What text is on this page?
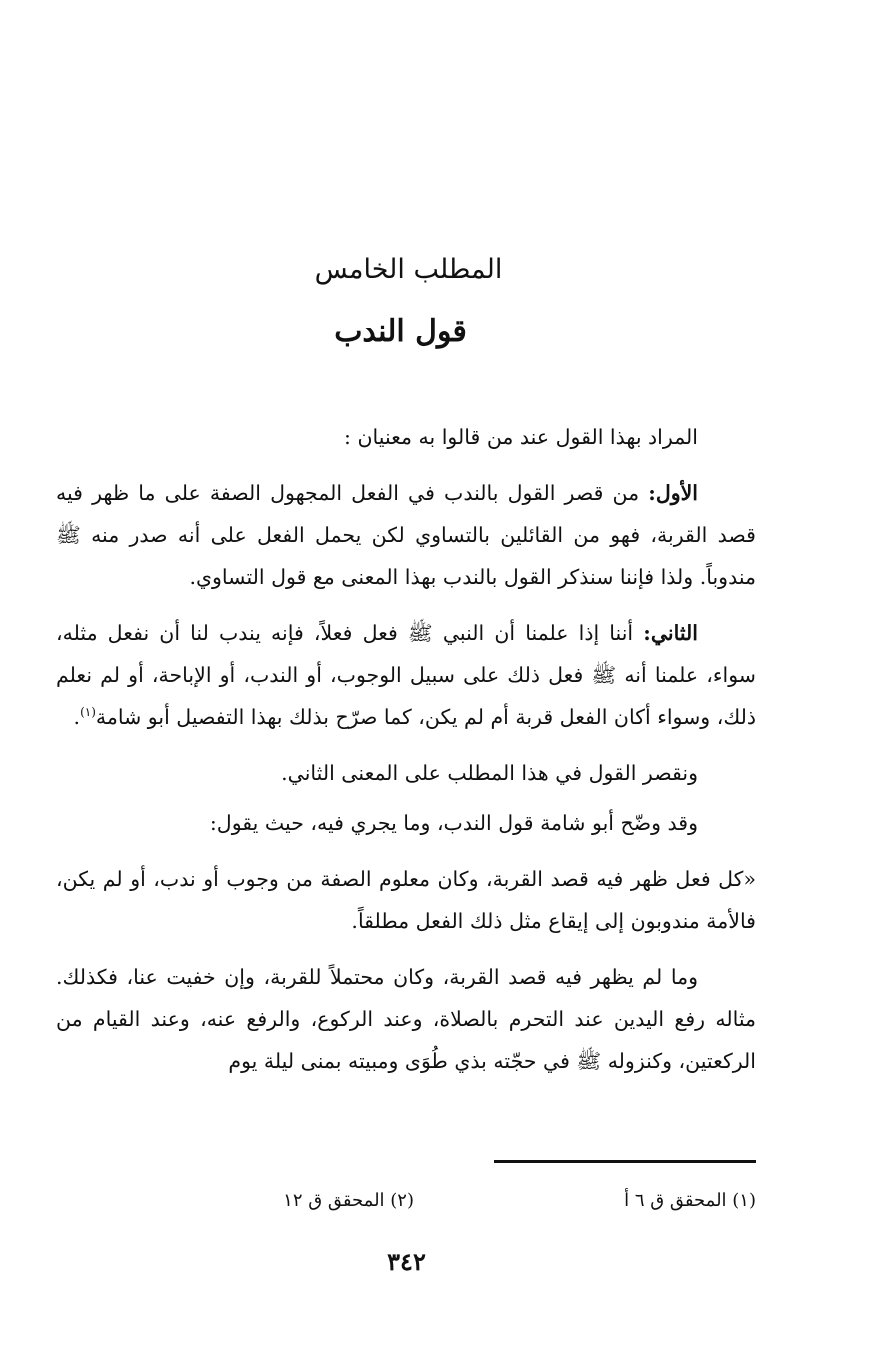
المطلب الخامس
قول الندب

المراد بهذا القول عند من قالوا به معنيان :

الأول: من قصر القول بالندب في الفعل المجهول الصفة على ما ظهر فيه قصد القربة، فهو من القائلين بالتساوي لكن يحمل الفعل على أنه صدر منه ﷺ مندوباً. ولذا فإننا سنذكر القول بالندب بهذا المعنى مع قول التساوي.

الثاني: أننا إذا علمنا أن النبي ﷺ فعل فعلاً، فإنه يندب لنا أن نفعل مثله، سواء، علمنا أنه ﷺ فعل ذلك على سبيل الوجوب، أو الندب، أو الإباحة، أو لم نعلم ذلك، وسواء أكان الفعل قربة أم لم يكن، كما صرّح بذلك بهذا التفصيل أبو شامة$^{(١)}$.

ونقصر القول في هذا المطلب على المعنى الثاني.

وقد وضّح أبو شامة قول الندب، وما يجري فيه، حيث يقول:

«كل فعل ظهر فيه قصد القربة، وكان معلوم الصفة من وجوب أو ندب، أو لم يكن، فالأمة مندوبون إلى إيقاع مثل ذلك الفعل مطلقاً.

وما لم يظهر فيه قصد القربة، وكان محتملاً للقربة، وإن خفيت عنا، فكذلك. مثاله رفع اليدين عند التحرم بالصلاة، وعند الركوع، والرفع عنه، وعند القيام من الركعتين، وكنزوله ﷺ في حجّته بذي طُوَى ومبيته بمنى ليلة يوم

(١) المحقق ق ٦ أ
(٢) المحقق ق ١٢
٣٤٢
